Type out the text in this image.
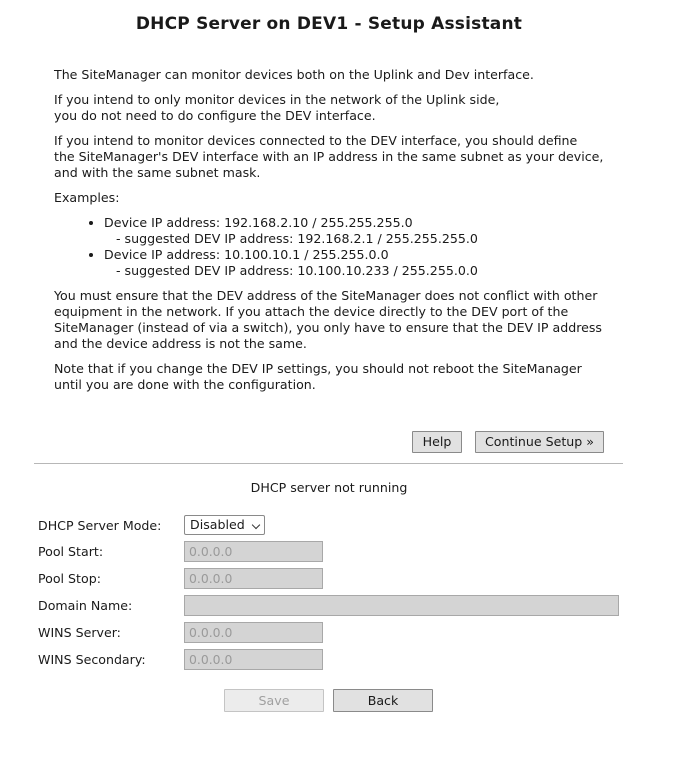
DHCP Server on DEV1 - Setup Assistant

The SiteManager can monitor devices both on the Uplink and Dev interface.

If you intend to only monitor devices in the network of the Uplink side,
you do not need to do configure the DEV interface.

If you intend to monitor devices connected to the DEV interface, you should define
the SiteManager's DEV interface with an IP address in the same subnet as your device,
and with the same subnet mask.

Examples:

• Device IP address: 192.168.2.10 / 255.255.255.0
- suggested DEV IP address: 192.168.2.1 / 255.255.255.0
• Device IP address: 10.100.10.1 / 255.255.0.0
- suggested DEV IP address: 10.100.10.233 / 255.255.0.0

You must ensure that the DEV address of the SiteManager does not conflict with other
equipment in the network. If you attach the device directly to the DEV port of the
SiteManager (instead of via a switch), you only have to ensure that the DEV IP address
and the device address is not the same.

Note that if you change the DEV IP settings, you should not reboot the SiteManager
until you are done with the configuration.

Help	Continue Setup »
DHCP server not running
DHCP Server Mode:	Disabled
Pool Start:	0.0.0.0
Pool Stop:	0.0.0.0
Domain Name:
WINS Server:	0.0.0.0
WINS Secondary:	0.0.0.0
Save	Back
